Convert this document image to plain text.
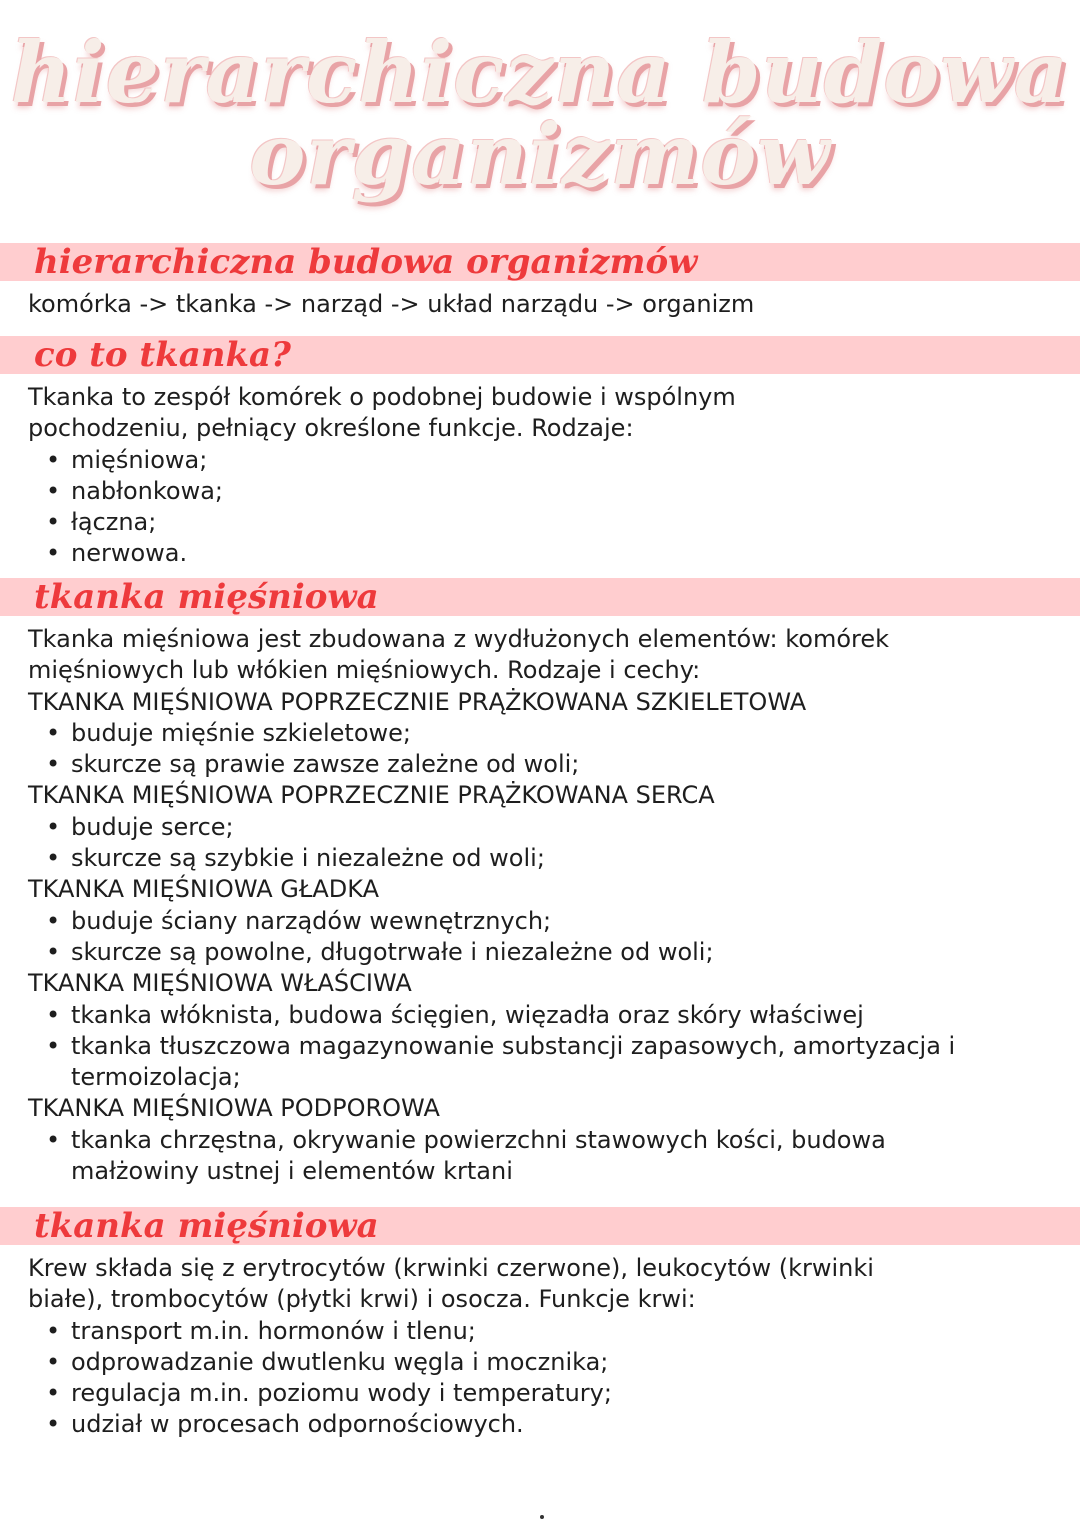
hierarchiczna budowa
organizmów
hierarchiczna budowa organizmów

komórka -> tkanka -> narząd -> układ narządu -> organizm

co to tkanka?

Tkanka to zespół komórek o podobnej budowie i wspólnym

pochodzeniu, pełniący określone funkcje. Rodzaje:

• mięśniowa;
• nabłonkowa;
• łączna;
• nerwowa.
tkanka mięśniowa

Tkanka mięśniowa jest zbudowana z wydłużonych elementów: komórek

mięśniowych lub włókien mięśniowych. Rodzaje i cechy:

TKANKA MIĘŚNIOWA POPRZECZNIE PRĄŻKOWANA SZKIELETOWA

• buduje mięśnie szkieletowe;
• skurcze są prawie zawsze zależne od woli;

TKANKA MIĘŚNIOWA POPRZECZNIE PRĄŻKOWANA SERCA

• buduje serce;
• skurcze są szybkie i niezależne od woli;

TKANKA MIĘŚNIOWA GŁADKA

• buduje ściany narządów wewnętrznych;
• skurcze są powolne, długotrwałe i niezależne od woli;

TKANKA MIĘŚNIOWA WŁAŚCIWA

• tkanka włóknista, budowa ścięgien, więzadła oraz skóry właściwej
• tkanka tłuszczowa magazynowanie substancji zapasowych, amortyzacja i termoizolacja;

TKANKA MIĘŚNIOWA PODPOROWA

• tkanka chrzęstna, okrywanie powierzchni stawowych kości, budowa małżowiny ustnej i elementów krtani
tkanka mięśniowa

Krew składa się z erytrocytów (krwinki czerwone), leukocytów (krwinki

białe), trombocytów (płytki krwi) i osocza. Funkcje krwi:

• transport m.in. hormonów i tlenu;
• odprowadzanie dwutlenku węgla i mocznika;
• regulacja m.in. poziomu wody i temperatury;
• udział w procesach odpornościowych.
